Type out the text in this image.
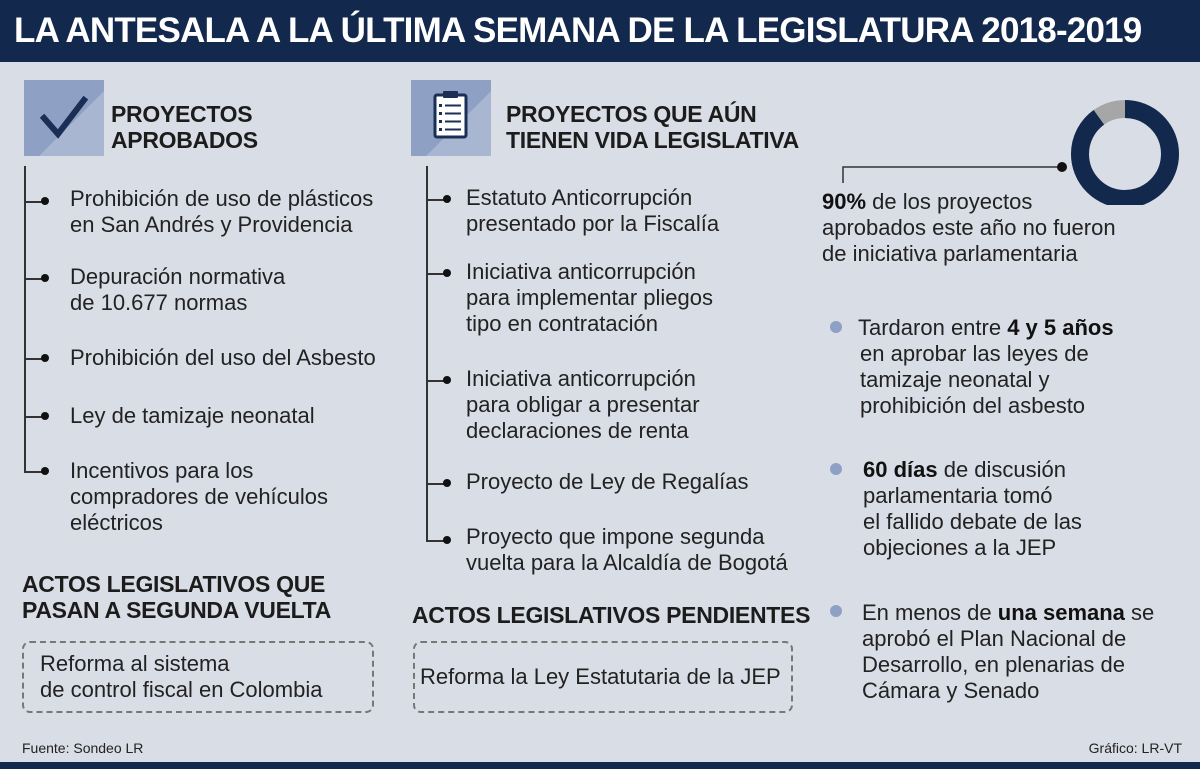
LA ANTESALA A LA ÚLTIMA SEMANA DE LA LEGISLATURA 2018-2019
PROYECTOS
APROBADOS
Prohibición de uso de plásticos
en San Andrés y Providencia
Depuración normativa
de 10.677 normas
Prohibición del uso del Asbesto
Ley de tamizaje neonatal
Incentivos para los
compradores de vehículos
eléctricos
ACTOS LEGISLATIVOS QUE
PASAN A SEGUNDA VUELTA
Reforma al sistema
de control fiscal en Colombia
PROYECTOS QUE AÚN
TIENEN VIDA LEGISLATIVA
Estatuto Anticorrupción
presentado por la Fiscalía
Iniciativa anticorrupción
para implementar pliegos
tipo en contratación
Iniciativa anticorrupción
para obligar a presentar
declaraciones de renta
Proyecto de Ley de Regalías
Proyecto que impone segunda
vuelta para la Alcaldía de Bogotá
ACTOS LEGISLATIVOS PENDIENTES
Reforma la Ley Estatutaria de la JEP
90% de los proyectos
aprobados este año no fueron
de iniciativa parlamentaria
Tardaron entre 4 y 5 años
en aprobar las leyes de
tamizaje neonatal y
prohibición del asbesto
60 días de discusión
parlamentaria tomó
el fallido debate de las
objeciones a la JEP
En menos de una semana se
aprobó el Plan Nacional de
Desarrollo, en plenarias de
Cámara y Senado
Fuente: Sondeo LR	Gráfico: LR-VT
